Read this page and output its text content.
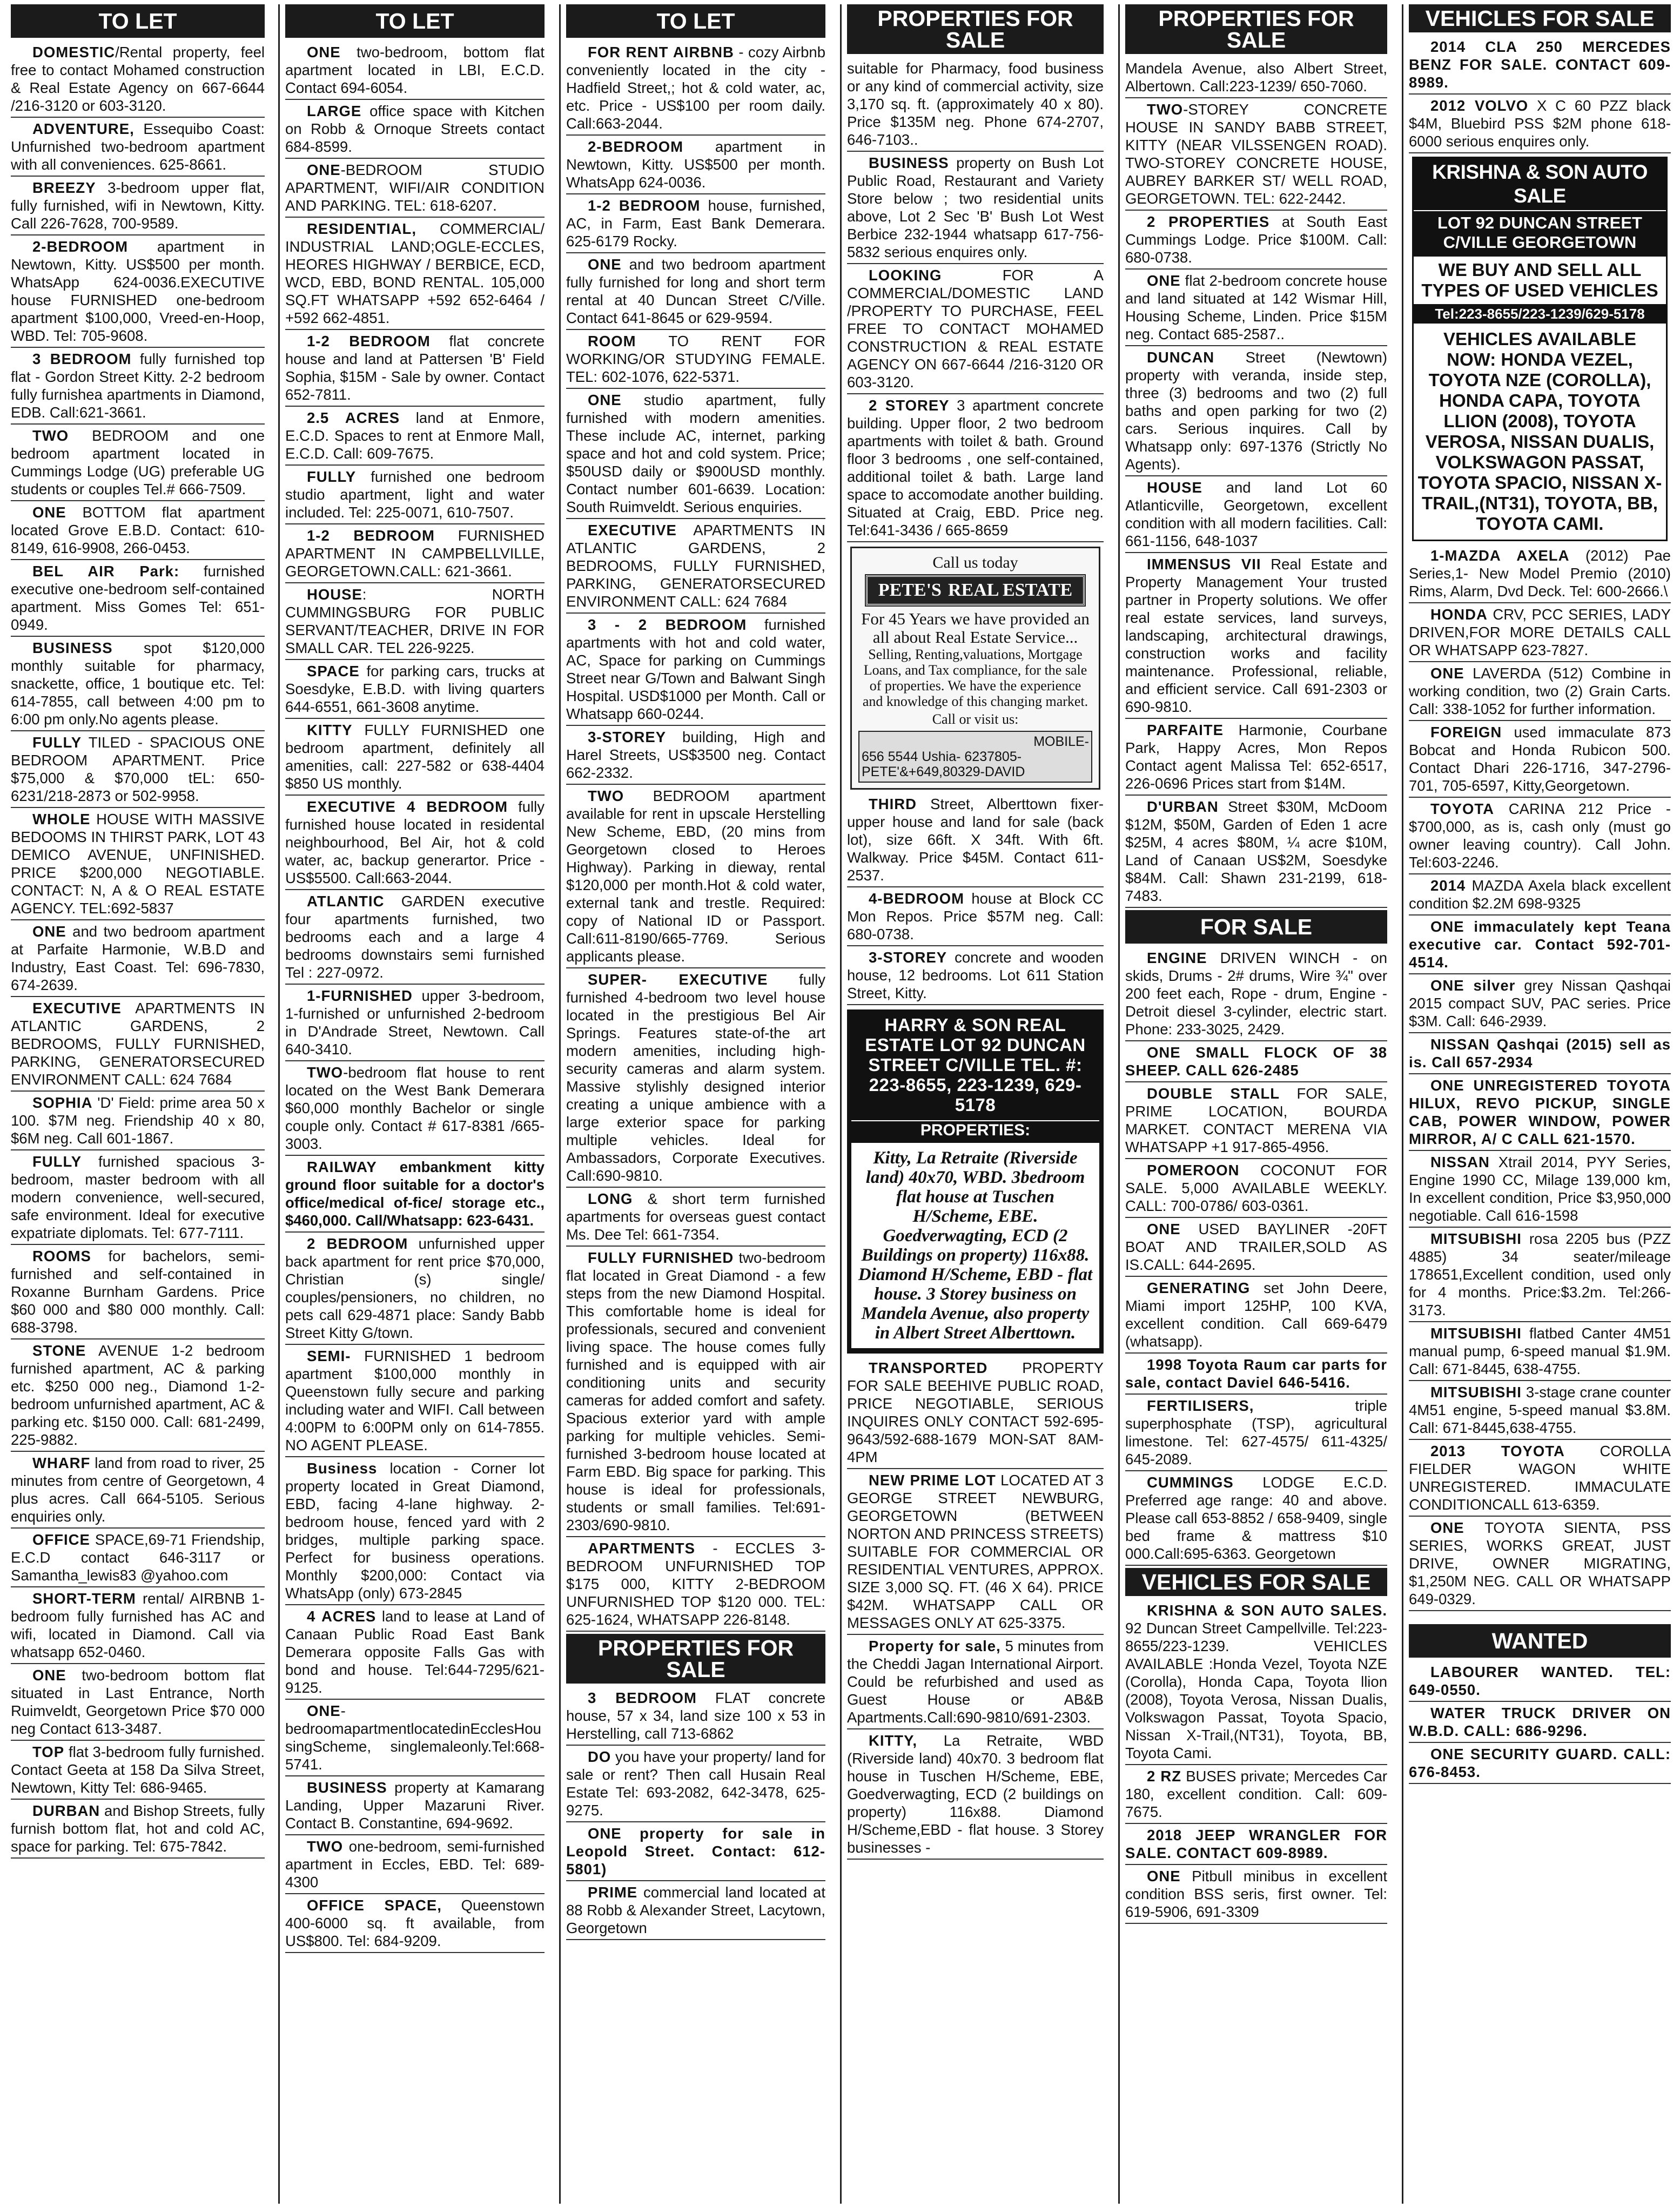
TO LET
DOMESTIC/Rental property, feel free to contact Mohamed construction & Real Estate Agency on 667-6644 /216-3120 or 603-3120.
ADVENTURE, Essequibo Coast: Unfurnished two-bedroom apartment with all conveniences. 625-8661.
BREEZY 3-bedroom upper flat, fully furnished, wifi in Newtown, Kitty. Call 226-7628, 700-9589.
2-BEDROOM apartment in Newtown, Kitty. US$500 per month. WhatsApp 624-0036.EXECUTIVE house FURNISHED one-bedroom apartment $100,000, Vreed-en-Hoop, WBD. Tel: 705-9608.
3 BEDROOM fully furnished top flat - Gordon Street Kitty. 2-2 bedroom fully furnishea apartments in Diamond, EDB. Call:621-3661.
TWO BEDROOM and one bedroom apartment located in Cummings Lodge (UG) preferable UG students or couples Tel.# 666-7509.
ONE BOTTOM flat apartment located Grove E.B.D. Contact: 610-8149, 616-9908, 266-0453.
BEL AIR Park: furnished executive one-bedroom self-contained apartment. Miss Gomes Tel: 651-0949.
BUSINESS spot $120,000 monthly suitable for pharmacy, snackette, office, 1 boutique etc. Tel: 614-7855, call between 4:00 pm to 6:00 pm only.No agents please.
FULLY TILED - SPACIOUS ONE BEDROOM APARTMENT. Price $75,000 & $70,000 tEL: 650-6231/218-2873 or 502-9958.
WHOLE HOUSE WITH MASSIVE BEDOOMS IN THIRST PARK, LOT 43 DEMICO AVENUE, UNFINISHED. PRICE $200,000 NEGOTIABLE. CONTACT: N, A & O REAL ESTATE AGENCY. TEL:692-5837
ONE and two bedroom apartment at Parfaite Harmonie, W.B.D and Industry, East Coast. Tel: 696-7830, 674-2639.
EXECUTIVE APARTMENTS IN ATLANTIC GARDENS, 2 BEDROOMS, FULLY FURNISHED, PARKING, GENERATORSECURED ENVIRONMENT CALL: 624 7684
SOPHIA 'D' Field: prime area 50 x 100. $7M neg. Friendship 40 x 80, $6M neg. Call 601-1867.
FULLY furnished spacious 3-bedroom, master bedroom with all modern convenience, well-secured, safe environment. Ideal for executive expatriate diplomats. Tel: 677-7111.
ROOMS for bachelors, semi-furnished and self-contained in Roxanne Burnham Gardens. Price $60 000 and $80 000 monthly. Call: 688-3798.
STONE AVENUE 1-2 bedroom furnished apartment, AC & parking etc. $250 000 neg., Diamond 1-2-bedroom unfurnished apartment, AC & parking etc. $150 000. Call: 681-2499, 225-9882.
WHARF land from road to river, 25 minutes from centre of Georgetown, 4 plus acres. Call 664-5105. Serious enquiries only.
OFFICE SPACE,69-71 Friendship, E.C.D contact 646-3117 or Samantha_lewis83 @yahoo.com
SHORT-TERM rental/ AIRBNB 1-bedroom fully furnished has AC and wifi, located in Diamond. Call via whatsapp 652-0460.
ONE two-bedroom bottom flat situated in Last Entrance, North Ruimveldt, Georgetown Price $70 000 neg Contact 613-3487.
TOP flat 3-bedroom fully furnished. Contact Geeta at 158 Da Silva Street, Newtown, Kitty Tel: 686-9465.
DURBAN and Bishop Streets, fully furnish bottom flat, hot and cold AC, space for parking. Tel: 675-7842.
TO LET
ONE two-bedroom, bottom flat apartment located in LBI, E.C.D. Contact 694-6054.
LARGE office space with Kitchen on Robb & Ornoque Streets contact 684-8599.
ONE-BEDROOM STUDIO APARTMENT, WIFI/AIR CONDITION AND PARKING. TEL: 618-6207.
RESIDENTIAL, COMMERCIAL/ INDUSTRIAL LAND;OGLE-ECCLES, HEORES HIGHWAY / BERBICE, ECD, WCD, EBD, BOND RENTAL. 105,000 SQ.FT WHATSAPP +592 652-6464 / +592 662-4851.
1-2 BEDROOM flat concrete house and land at Pattersen 'B' Field Sophia, $15M - Sale by owner. Contact 652-7811.
2.5 ACRES land at Enmore, E.C.D. Spaces to rent at Enmore Mall, E.C.D. Call: 609-7675.
FULLY furnished one bedroom studio apartment, light and water included. Tel: 225-0071, 610-7507.
1-2 BEDROOM FURNISHED APARTMENT IN CAMPBELLVILLE, GEORGETOWN.CALL: 621-3661.
HOUSE: NORTH CUMMINGSBURG FOR PUBLIC SERVANT/TEACHER, DRIVE IN FOR SMALL CAR. TEL 226-9225.
SPACE for parking cars, trucks at Soesdyke, E.B.D. with living quarters 644-6551, 661-3608 anytime.
KITTY FULLY FURNISHED one bedroom apartment, definitely all amenities, call: 227-582 or 638-4404 $850 US monthly.
EXECUTIVE 4 BEDROOM fully furnished house located in residental neighbourhood, Bel Air, hot & cold water, ac, backup generartor. Price - US$5500. Call:663-2044.
ATLANTIC GARDEN executive four apartments furnished, two bedrooms each and a large 4 bedrooms downstairs semi furnished Tel : 227-0972.
1-FURNISHED upper 3-bedroom, 1-furnished or unfurnished 2-bedroom in D'Andrade Street, Newtown. Call 640-3410.
TWO-bedroom flat house to rent located on the West Bank Demerara $60,000 monthly Bachelor or single couple only. Contact # 617-8381 /665-3003.
RAILWAY embankment kitty ground floor suitable for a doctor's office/medical of-fice/ storage etc., $460,000. Call/Whatsapp: 623-6431.
2 BEDROOM unfurnished upper back apartment for rent price $70,000, Christian (s) single/ couples/pensioners, no children, no pets call 629-4871 place: Sandy Babb Street Kitty G/town.
SEMI- FURNISHED 1 bedroom apartment $100,000 monthly in Queenstown fully secure and parking including water and WIFI. Call between 4:00PM to 6:00PM only on 614-7855. NO AGENT PLEASE.
Business location - Corner lot property located in Great Diamond, EBD, facing 4-lane highway. 2-bedroom house, fenced yard with 2 bridges, multiple parking space. Perfect for business operations. Monthly $200,000: Contact via WhatsApp (only) 673-2845
4 ACRES land to lease at Land of Canaan Public Road East Bank Demerara opposite Falls Gas with bond and house. Tel:644-7295/621-9125.
ONE-bedroomapartmentlocatedinEcclesHousingScheme, singlemaleonly.Tel:668-5741.
BUSINESS property at Kamarang Landing, Upper Mazaruni River. Contact B. Constantine, 694-9692.
TWO one-bedroom, semi-furnished apartment in Eccles, EBD. Tel: 689-4300
OFFICE SPACE, Queenstown 400-6000 sq. ft available, from US$800. Tel: 684-9209.
TO LET
FOR RENT AIRBNB - cozy Airbnb conveniently located in the city - Hadfield Street,; hot & cold water, ac, etc. Price - US$100 per room daily. Call:663-2044.
2-BEDROOM apartment in Newtown, Kitty. US$500 per month. WhatsApp 624-0036.
1-2 BEDROOM house, furnished, AC, in Farm, East Bank Demerara. 625-6179 Rocky.
ONE and two bedroom apartment fully furnished for long and short term rental at 40 Duncan Street C/Ville. Contact 641-8645 or 629-9594.
ROOM TO RENT FOR WORKING/OR STUDYING FEMALE. TEL: 602-1076, 622-5371.
ONE studio apartment, fully furnished with modern amenities. These include AC, internet, parking space and hot and cold system. Price; $50USD daily or $900USD monthly. Contact number 601-6639. Location: South Ruimveldt. Serious enquiries.
EXECUTIVE APARTMENTS IN ATLANTIC GARDENS, 2 BEDROOMS, FULLY FURNISHED, PARKING, GENERATORSECURED ENVIRONMENT CALL: 624 7684
3 - 2 BEDROOM furnished apartments with hot and cold water, AC, Space for parking on Cummings Street near G/Town and Balwant Singh Hospital. USD$1000 per Month. Call or Whatsapp 660-0244.
3-STOREY building, High and Harel Streets, US$3500 neg. Contact 662-2332.
TWO BEDROOM apartment available for rent in upscale Herstelling New Scheme, EBD, (20 mins from Georgetown closed to Heroes Highway). Parking in dieway, rental $120,000 per month.Hot & cold water, external tank and trestle. Required: copy of National ID or Passport. Call:611-8190/665-7769. Serious applicants please.
SUPER- EXECUTIVE fully furnished 4-bedroom two level house located in the prestigious Bel Air Springs. Features state-of-the art modern amenities, including high- security cameras and alarm system. Massive stylishly designed interior creating a unique ambience with a large exterior space for parking multiple vehicles. Ideal for Ambassadors, Corporate Executives. Call:690-9810.
LONG & short term furnished apartments for overseas guest contact Ms. Dee Tel: 661-7354.
FULLY FURNISHED two-bedroom flat located in Great Diamond - a few steps from the new Diamond Hospital. This comfortable home is ideal for professionals, secured and convenient living space. The house comes fully furnished and is equipped with air conditioning units and security cameras for added comfort and safety. Spacious exterior yard with ample parking for multiple vehicles. Semi- furnished 3-bedroom house located at Farm EBD. Big space for parking. This house is ideal for professionals, students or small families. Tel:691-2303/690-9810.
APARTMENTS - ECCLES 3-BEDROOM UNFURNISHED TOP $175 000, KITTY 2-BEDROOM UNFURNISHED TOP $120 000. TEL: 625-1624, WHATSAPP 226-8148.
PROPERTIES FOR SALE
3 BEDROOM FLAT concrete house, 57 x 34, land size 100 x 53 in Herstelling, call 713-6862
DO you have your property/ land for sale or rent? Then call Husain Real Estate Tel: 693-2082, 642-3478, 625-9275.
ONE property for sale in Leopold Street. Contact: 612-5801)
PRIME commercial land located at 88 Robb & Alexander Street, Lacytown, Georgetown
PROPERTIES FOR SALE
suitable for Pharmacy, food business or any kind of commercial activity, size 3,170 sq. ft. (approximately 40 x 80). Price $135M neg. Phone 674-2707, 646-7103..
BUSINESS property on Bush Lot Public Road, Restaurant and Variety Store below ; two residential units above, Lot 2 Sec 'B' Bush Lot West Berbice 232-1944 whatsapp 617-756-5832 serious enquires only.
LOOKING FOR A COMMERCIAL/DOMESTIC LAND /PROPERTY TO PURCHASE, FEEL FREE TO CONTACT MOHAMED CONSTRUCTION & REAL ESTATE AGENCY ON 667-6644 /216-3120 OR 603-3120.
2 STOREY 3 apartment concrete building. Upper floor, 2 two bedroom apartments with toilet & bath. Ground floor 3 bedrooms , one self-contained, additional toilet & bath. Large land space to accomodate another building. Situated at Craig, EBD. Price neg. Tel:641-3436 / 665-8659
Call us today
PETE'S REAL ESTATE
For 45 Years we have provided an all about Real Estate Service...
Selling, Renting,valuations, Mortgage Loans, and Tax compliance, for the sale of properties. We have the experience and knowledge of this changing market.
Call or visit us:
MOBILE-
656 5544 Ushia- 6237805-
PETE'&+649,80329-DAVID
THIRD Street, Alberttown fixer-upper house and land for sale (back lot), size 66ft. X 34ft. With 6ft. Walkway. Price $45M. Contact 611-2537.
4-BEDROOM house at Block CC Mon Repos. Price $57M neg. Call: 680-0738.
3-STOREY concrete and wooden house, 12 bedrooms. Lot 611 Station Street, Kitty.
HARRY & SON REAL ESTATE LOT 92 DUNCAN STREET C/VILLE TEL. #: 223-8655, 223-1239, 629-5178
PROPERTIES:
Kitty, La Retraite (Riverside land) 40x70, WBD. 3bedroom flat house at Tuschen H/Scheme, EBE. Goedverwagting, ECD (2 Buildings on property) 116x88. Diamond H/Scheme, EBD - flat house. 3 Storey business on Mandela Avenue, also property in Albert Street Alberttown.
TRANSPORTED PROPERTY FOR SALE BEEHIVE PUBLIC ROAD, PRICE NEGOTIABLE, SERIOUS INQUIRES ONLY CONTACT 592-695-9643/592-688-1679 MON-SAT 8AM-4PM
NEW PRIME LOT LOCATED AT 3 GEORGE STREET NEWBURG, GEORGETOWN (BETWEEN NORTON AND PRINCESS STREETS) SUITABLE FOR COMMERCIAL OR RESIDENTIAL VENTURES, APPROX. SIZE 3,000 SQ. FT. (46 X 64). PRICE $42M. WHATSAPP CALL OR MESSAGES ONLY AT 625-3375.
Property for sale, 5 minutes from the Cheddi Jagan International Airport. Could be refurbished and used as Guest House or AB&B Apartments.Call:690-9810/691-2303.
KITTY, La Retraite, WBD (Riverside land) 40x70. 3 bedroom flat house in Tuschen H/Scheme, EBE, Goedverwagting, ECD (2 buildings on property) 116x88. Diamond H/Scheme,EBD - flat house. 3 Storey businesses -
PROPERTIES FOR SALE
Mandela Avenue, also Albert Street, Albertown. Call:223-1239/ 650-7060.
TWO-STOREY CONCRETE HOUSE IN SANDY BABB STREET, KITTY (NEAR VILSSENGEN ROAD). TWO-STOREY CONCRETE HOUSE, AUBREY BARKER ST/ WELL ROAD, GEORGETOWN. TEL: 622-2442.
2 PROPERTIES at South East Cummings Lodge. Price $100M. Call: 680-0738.
ONE flat 2-bedroom concrete house and land situated at 142 Wismar Hill, Housing Scheme, Linden. Price $15M neg. Contact 685-2587..
DUNCAN Street (Newtown) property with veranda, inside step, three (3) bedrooms and two (2) full baths and open parking for two (2) cars. Serious inquires. Call by Whatsapp only: 697-1376 (Strictly No Agents).
HOUSE and land Lot 60 Atlanticville, Georgetown, excellent condition with all modern facilities. Call: 661-1156, 648-1037
IMMENSUS VII Real Estate and Property Management Your trusted partner in Property solutions. We offer real estate services, land surveys, landscaping, architectural drawings, construction works and facility maintenance. Professional, reliable, and efficient service. Call 691-2303 or 690-9810.
PARFAITE Harmonie, Courbane Park, Happy Acres, Mon Repos Contact agent Malissa Tel: 652-6517, 226-0696 Prices start from $14M.
D'URBAN Street $30M, McDoom $12M, $50M, Garden of Eden 1 acre $25M, 4 acres $80M, ¼ acre $10M, Land of Canaan US$2M, Soesdyke $84M. Call: Shawn 231-2199, 618-7483.
FOR SALE
ENGINE DRIVEN WINCH - on skids, Drums - 2# drums, Wire ¾" over 200 feet each, Rope - drum, Engine - Detroit diesel 3-cylinder, electric start. Phone: 233-3025, 2429.
ONE SMALL FLOCK OF 38 SHEEP. CALL 626-2485
DOUBLE STALL FOR SALE, PRIME LOCATION, BOURDA MARKET. CONTACT MERENA VIA WHATSAPP +1 917-865-4956.
POMEROON COCONUT FOR SALE. 5,000 AVAILABLE WEEKLY. CALL: 700-0786/ 603-0361.
ONE USED BAYLINER -20FT BOAT AND TRAILER,SOLD AS IS.CALL: 644-2695.
GENERATING set John Deere, Miami import 125HP, 100 KVA, excellent condition. Call 669-6479 (whatsapp).
1998 Toyota Raum car parts for sale, contact Daviel 646-5416.
FERTILISERS, triple superphosphate (TSP), agricultural limestone. Tel: 627-4575/ 611-4325/ 645-2089.
CUMMINGS LODGE E.C.D. Preferred age range: 40 and above. Please call 653-8852 / 658-9409, single bed frame & mattress $10 000.Call:695-6363. Georgetown
VEHICLES FOR SALE
KRISHNA & SON AUTO SALES. 92 Duncan Street Campellville. Tel:223-8655/223-1239. VEHICLES AVAILABLE :Honda Vezel, Toyota NZE (Corolla), Honda Capa, Toyota llion (2008), Toyota Verosa, Nissan Dualis, Volkswagon Passat, Toyota Spacio, Nissan X-Trail,(NT31), Toyota, BB, Toyota Cami.
2 RZ BUSES private; Mercedes Car 180, excellent condition. Call: 609-7675.
2018 JEEP WRANGLER FOR SALE. CONTACT 609-8989.
ONE Pitbull minibus in excellent condition BSS seris, first owner. Tel: 619-5906, 691-3309
VEHICLES FOR SALE
2014 CLA 250 MERCEDES BENZ FOR SALE. CONTACT 609-8989.
2012 VOLVO X C 60 PZZ black $4M, Bluebird PSS $2M phone 618-6000 serious enquires only.
KRISHNA & SON AUTO SALE
LOT 92 DUNCAN STREET C/VILLE GEORGETOWN
WE BUY AND SELL ALL TYPES OF USED VEHICLES
Tel:223-8655/223-1239/629-5178
VEHICLES AVAILABLE NOW: HONDA VEZEL, TOYOTA NZE (COROLLA), HONDA CAPA, TOYOTA LLION (2008), TOYOTA VEROSA, NISSAN DUALIS, VOLKSWAGON PASSAT, TOYOTA SPACIO, NISSAN X-TRAIL,(NT31), TOYOTA, BB, TOYOTA CAMI.
1-MAZDA AXELA (2012) Pae Series,1- New Model Premio (2010) Rims, Alarm, Dvd Deck. Tel: 600-2666.\
HONDA CRV, PCC SERIES, LADY DRIVEN,FOR MORE DETAILS CALL OR WHATSAPP 623-7827.
ONE LAVERDA (512) Combine in working condition, two (2) Grain Carts. Call: 338-1052 for further information.
FOREIGN used immaculate 873 Bobcat and Honda Rubicon 500. Contact Dhari 226-1716, 347-2796-701, 705-6597, Kitty,Georgetown.
TOYOTA CARINA 212 Price - $700,000, as is, cash only (must go owner leaving country). Call John. Tel:603-2246.
2014 MAZDA Axela black excellent condition $2.2M 698-9325
ONE immaculately kept Teana executive car. Contact 592-701-4514.
ONE silver grey Nissan Qashqai 2015 compact SUV, PAC series. Price $3M. Call: 646-2939.
NISSAN Qashqai (2015) sell as is. Call 657-2934
ONE UNREGISTERED TOYOTA HILUX, REVO PICKUP, SINGLE CAB, POWER WINDOW, POWER MIRROR, A/ C CALL 621-1570.
NISSAN Xtrail 2014, PYY Series, Engine 1990 CC, Milage 139,000 km, In excellent condition, Price $3,950,000 negotiable. Call 616-1598
MITSUBISHI rosa 2205 bus (PZZ 4885) 34 seater/mileage 178651,Excellent condition, used only for 4 months. Price:$3.2m. Tel:266-3173.
MITSUBISHI flatbed Canter 4M51 manual pump, 6-speed manual $1.9M. Call: 671-8445, 638-4755.
MITSUBISHI 3-stage crane counter 4M51 engine, 5-speed manual $3.8M. Call: 671-8445,638-4755.
2013 TOYOTA COROLLA FIELDER WAGON WHITE UNREGISTERED. IMMACULATE CONDITIONCALL 613-6359.
ONE TOYOTA SIENTA, PSS SERIES, WORKS GREAT, JUST DRIVE, OWNER MIGRATING, $1,250M NEG. CALL OR WHATSAPP 649-0329.
WANTED
LABOURER WANTED. TEL: 649-0550.
WATER TRUCK DRIVER ON W.B.D. CALL: 686-9296.
ONE SECURITY GUARD. CALL: 676-8453.
